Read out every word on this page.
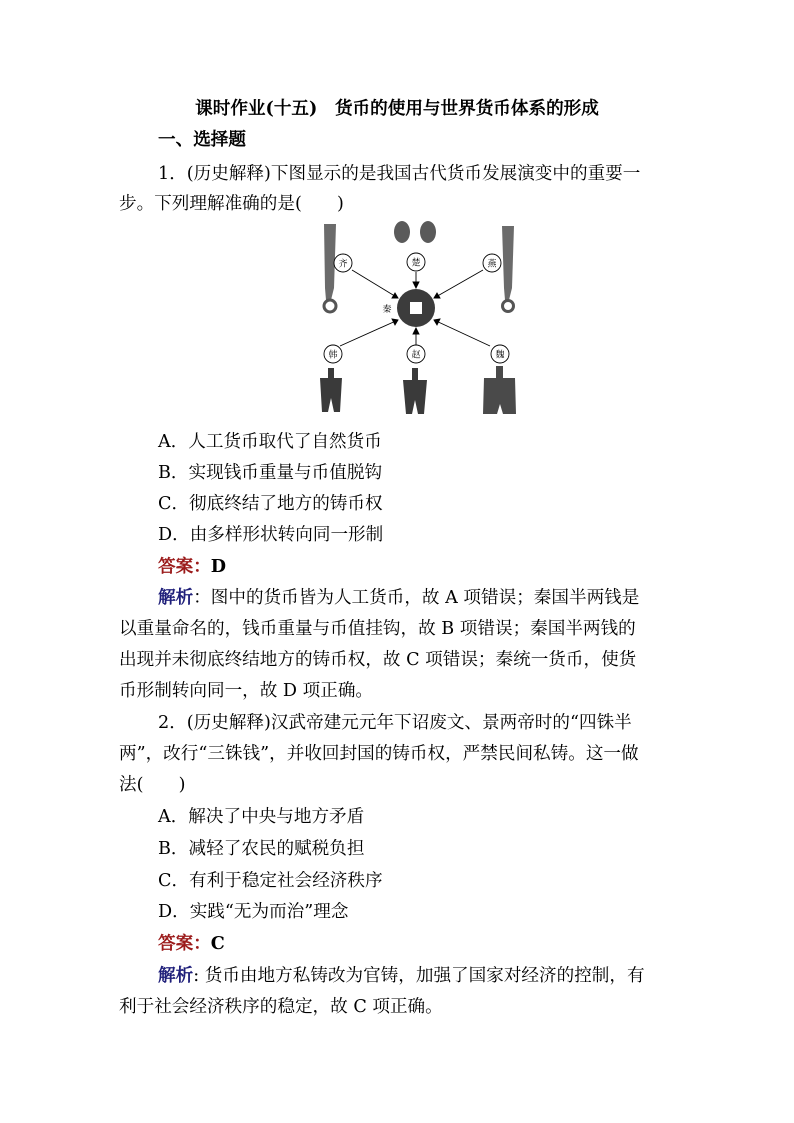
课时作业(十五)　货币的使用与世界货币体系的形成
一、选择题
1．(历史解释)下图显示的是我国古代货币发展演变中的重要一
步。下列理解准确的是(　　)
齐	楚	燕
秦
韩	赵	魏
A．人工货币取代了自然货币
B．实现钱币重量与币值脱钩
C．彻底终结了地方的铸币权
D．由多样形状转向同一形制
答案：D
解析：图中的货币皆为人工货币，故 A 项错误；秦国半两钱是
以重量命名的，钱币重量与币值挂钩，故 B 项错误；秦国半两钱的
出现并未彻底终结地方的铸币权，故 C 项错误；秦统一货币，使货
币形制转向同一，故 D 项正确。
2．(历史解释)汉武帝建元元年下诏废文、景两帝时的“四铢半
两”，改行“三铢钱”，并收回封国的铸币权，严禁民间私铸。这一做
法(　　)
A．解决了中央与地方矛盾
B．减轻了农民的赋税负担
C．有利于稳定社会经济秩序
D．实践“无为而治”理念
答案：C
解析: 货币由地方私铸改为官铸，加强了国家对经济的控制，有
利于社会经济秩序的稳定，故 C 项正确。
